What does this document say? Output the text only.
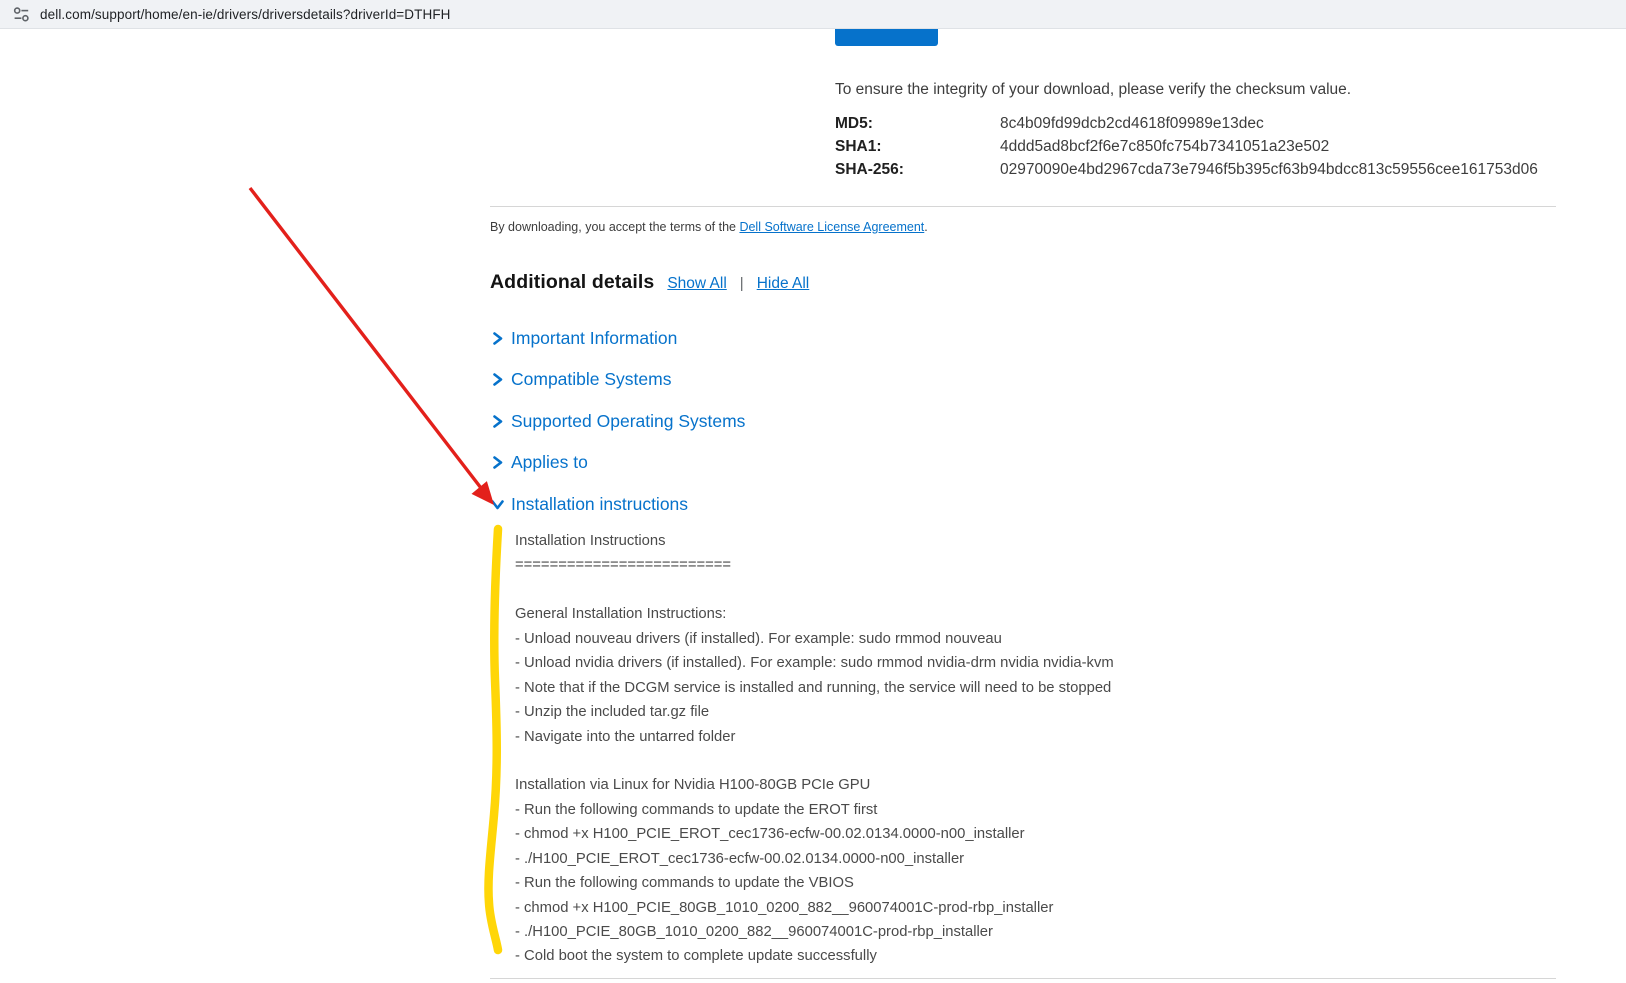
dell.com/support/home/en-ie/drivers/driversdetails?driverId=DTHFH
To ensure the integrity of your download, please verify the checksum value.
MD5:	8c4b09fd99dcb2cd4618f09989e13dec
SHA1:	4ddd5ad8bcf2f6e7c850fc754b7341051a23e502
SHA-256:	02970090e4bd2967cda73e7946f5b395cf63b94bdcc813c59556cee161753d06
By downloading, you accept the terms of the Dell Software License Agreement.
Additional details Show All | Hide All
Important Information
Compatible Systems
Supported Operating Systems
Applies to
Installation instructions
Installation Instructions
=========================
General Installation Instructions:
- Unload nouveau drivers (if installed). For example: sudo rmmod nouveau
- Unload nvidia drivers (if installed). For example: sudo rmmod nvidia-drm nvidia nvidia-kvm
- Note that if the DCGM service is installed and running, the service will need to be stopped
- Unzip the included tar.gz file
- Navigate into the untarred folder
Installation via Linux for Nvidia H100-80GB PCIe GPU
- Run the following commands to update the EROT first
- chmod +x H100_PCIE_EROT_cec1736-ecfw-00.02.0134.0000-n00_installer
- ./H100_PCIE_EROT_cec1736-ecfw-00.02.0134.0000-n00_installer
- Run the following commands to update the VBIOS
- chmod +x H100_PCIE_80GB_1010_0200_882__960074001C-prod-rbp_installer
- ./H100_PCIE_80GB_1010_0200_882__960074001C-prod-rbp_installer
- Cold boot the system to complete update successfully
